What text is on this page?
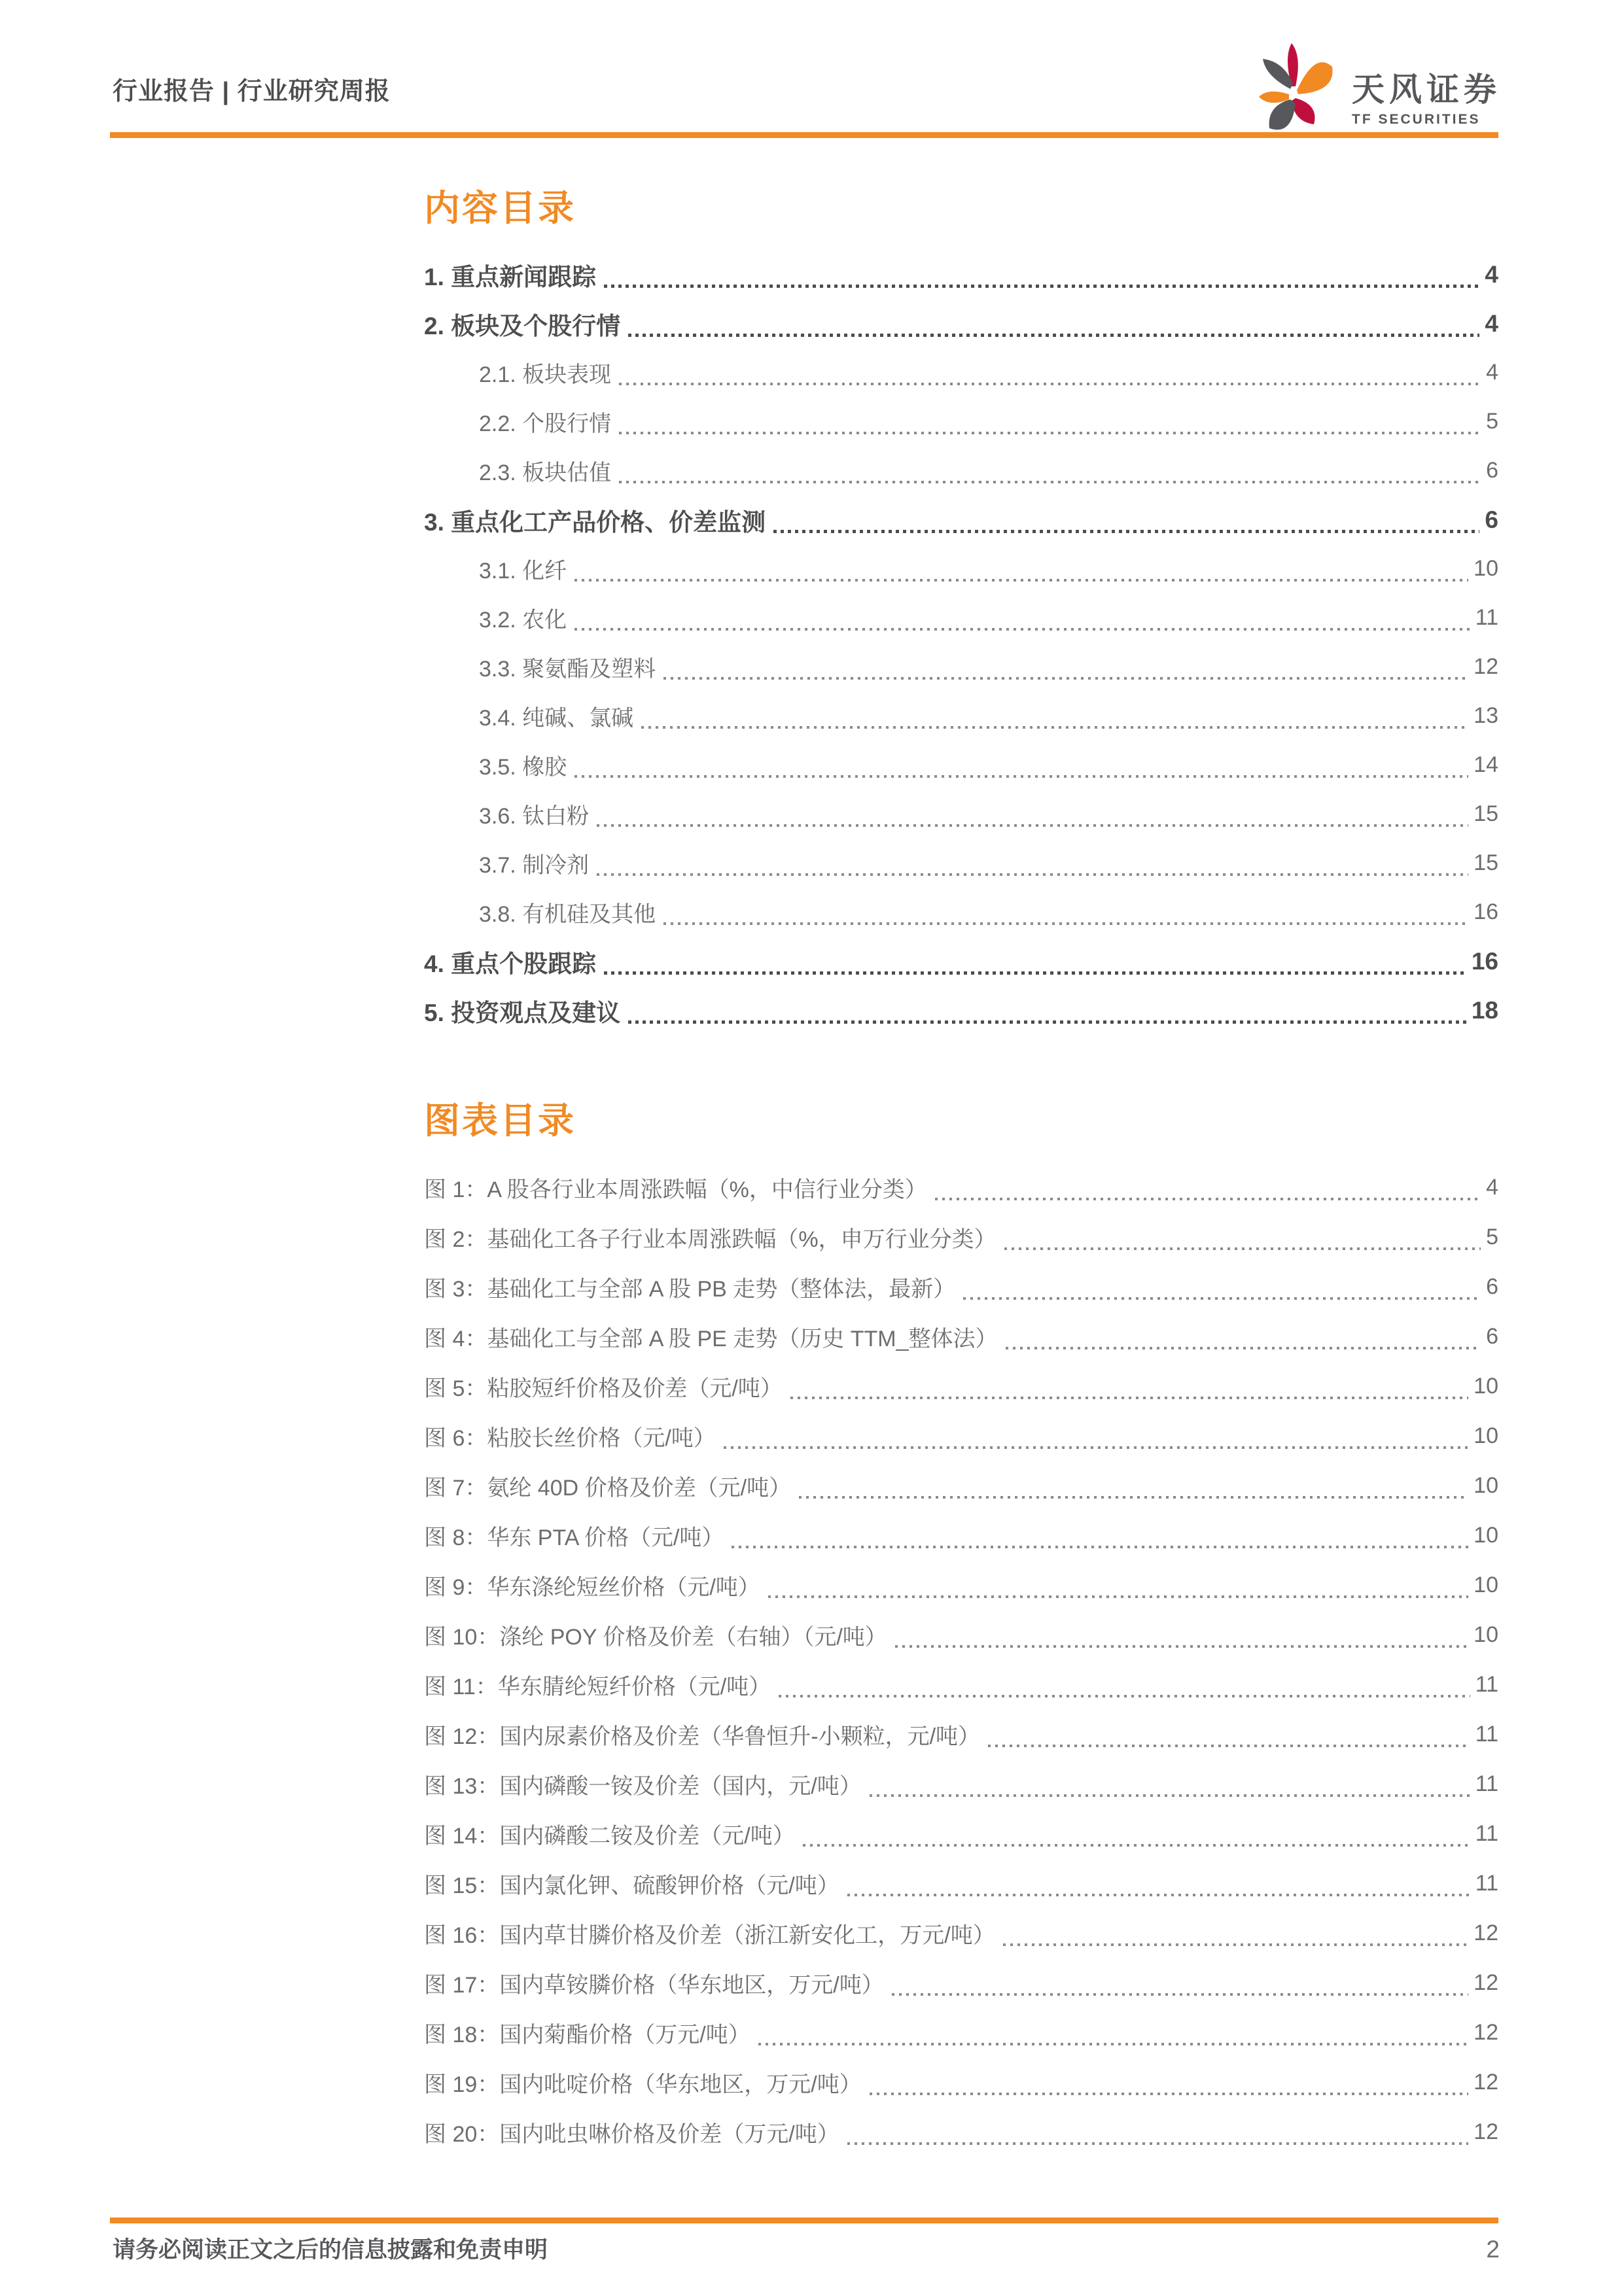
行业报告 | 行业研究周报	天风证券
TF SECURITIES
内容目录
1. 重点新闻跟踪	4
2. 板块及个股行情	4
2.1. 板块表现	4
2.2. 个股行情	5
2.3. 板块估值	6
3. 重点化工产品价格、价差监测	6
3.1. 化纤	10
3.2. 农化	11
3.3. 聚氨酯及塑料	12
3.4. 纯碱、氯碱	13
3.5. 橡胶	14
3.6. 钛白粉	15
3.7. 制冷剂	15
3.8. 有机硅及其他	16
4. 重点个股跟踪	16
5. 投资观点及建议	18
图表目录
图 1：A 股各行业本周涨跌幅（%，中信行业分类）	4
图 2：基础化工各子行业本周涨跌幅（%，申万行业分类）	5
图 3：基础化工与全部 A 股 PB 走势（整体法，最新）	6
图 4：基础化工与全部 A 股 PE 走势（历史 TTM_整体法）	6
图 5：粘胶短纤价格及价差（元/吨）	10
图 6：粘胶长丝价格（元/吨）	10
图 7：氨纶 40D 价格及价差（元/吨）	10
图 8：华东 PTA 价格（元/吨）	10
图 9：华东涤纶短丝价格（元/吨）	10
图 10：涤纶 POY 价格及价差（右轴）（元/吨）	10
图 11：华东腈纶短纤价格（元/吨）	11
图 12：国内尿素价格及价差（华鲁恒升-小颗粒，元/吨）	11
图 13：国内磷酸一铵及价差（国内，元/吨）	11
图 14：国内磷酸二铵及价差（元/吨）	11
图 15：国内氯化钾、硫酸钾价格（元/吨）	11
图 16：国内草甘膦价格及价差（浙江新安化工，万元/吨）	12
图 17：国内草铵膦价格（华东地区，万元/吨）	12
图 18：国内菊酯价格（万元/吨）	12
图 19：国内吡啶价格（华东地区，万元/吨）	12
图 20：国内吡虫啉价格及价差（万元/吨）	12
请务必阅读正文之后的信息披露和免责申明	2
